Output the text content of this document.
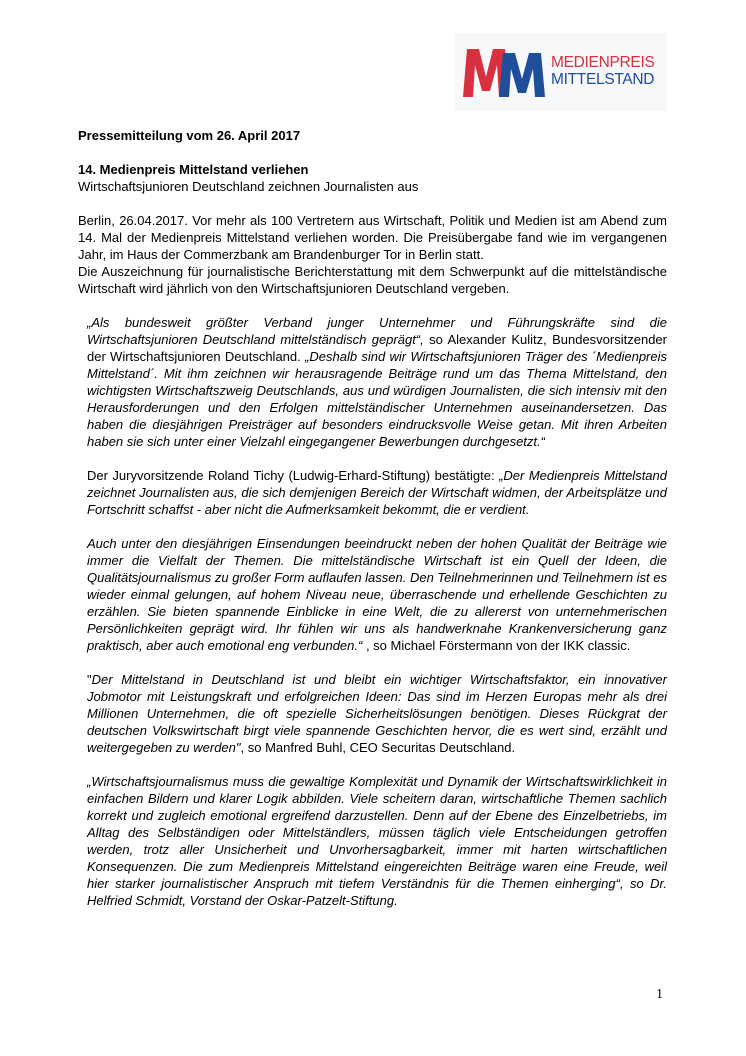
MEDIENPREIS
MITTELSTAND

Pressemitteilung vom 26. April 2017

14. Medienpreis Mittelstand verliehen

Wirtschaftsjunioren Deutschland zeichnen Journalisten aus

Berlin, 26.04.2017. Vor mehr als 100 Vertretern aus Wirtschaft, Politik und Medien ist am Abend zum 14. Mal der Medienpreis Mittelstand verliehen worden. Die Preisübergabe fand wie im vergangenen Jahr, im Haus der Commerzbank am Brandenburger Tor in Berlin statt.

Die Auszeichnung für journalistische Berichterstattung mit dem Schwerpunkt auf die mittelständische Wirtschaft wird jährlich von den Wirtschaftsjunioren Deutschland vergeben.

„Als bundesweit größter Verband junger Unternehmer und Führungskräfte sind die Wirtschaftsjunioren Deutschland mittelständisch geprägt“, so Alexander Kulitz, Bundesvorsitzender der Wirtschaftsjunioren Deutschland. „Deshalb sind wir Wirtschaftsjunioren Träger des ´Medienpreis Mittelstand´. Mit ihm zeichnen wir herausragende Beiträge rund um das Thema Mittelstand, den wichtigsten Wirtschaftszweig Deutschlands, aus und würdigen Journalisten, die sich intensiv mit den Herausforderungen und den Erfolgen mittelständischer Unternehmen auseinandersetzen. Das haben die diesjährigen Preisträger auf besonders eindrucksvolle Weise getan. Mit ihren Arbeiten haben sie sich unter einer Vielzahl eingegangener Bewerbungen durchgesetzt.“

Der Juryvorsitzende Roland Tichy (Ludwig-Erhard-Stiftung) bestätigte: „Der Medienpreis Mittelstand zeichnet Journalisten aus, die sich demjenigen Bereich der Wirtschaft widmen, der Arbeitsplätze und Fortschritt schaffst - aber nicht die Aufmerksamkeit bekommt, die er verdient.

Auch unter den diesjährigen Einsendungen beeindruckt neben der hohen Qualität der Beiträge wie immer die Vielfalt der Themen. Die mittelständische Wirtschaft ist ein Quell der Ideen, die Qualitätsjournalismus zu großer Form auflaufen lassen. Den Teilnehmerinnen und Teilnehmern ist es wieder einmal gelungen, auf hohem Niveau neue, überraschende und erhellende Geschichten zu erzählen. Sie bieten spannende Einblicke in eine Welt, die zu allererst von unternehmerischen Persönlichkeiten geprägt wird. Ihr fühlen wir uns als handwerknahe Krankenversicherung ganz praktisch, aber auch emotional eng verbunden.“ , so Michael Förstermann von der IKK classic.

"Der Mittelstand in Deutschland ist und bleibt ein wichtiger Wirtschaftsfaktor, ein innovativer Jobmotor mit Leistungskraft und erfolgreichen Ideen: Das sind im Herzen Europas mehr als drei Millionen Unternehmen, die oft spezielle Sicherheitslösungen benötigen. Dieses Rückgrat der deutschen Volkswirtschaft birgt viele spannende Geschichten hervor, die es wert sind, erzählt und weitergegeben zu werden", so Manfred Buhl, CEO Securitas Deutschland.

„Wirtschaftsjournalismus muss die gewaltige Komplexität und Dynamik der Wirtschaftswirklichkeit in einfachen Bildern und klarer Logik abbilden. Viele scheitern daran, wirtschaftliche Themen sachlich korrekt und zugleich emotional ergreifend darzustellen. Denn auf der Ebene des Einzelbetriebs, im Alltag des Selbständigen oder Mittelständlers, müssen täglich viele Entscheidungen getroffen werden, trotz aller Unsicherheit und Unvorhersagbarkeit, immer mit harten wirtschaftlichen Konsequenzen. Die zum Medienpreis Mittelstand eingereichten Beiträge waren eine Freude, weil hier starker journalistischer Anspruch mit tiefem Verständnis für die Themen einherging“, so Dr. Helfried Schmidt, Vorstand der Oskar-Patzelt-Stiftung.

1
